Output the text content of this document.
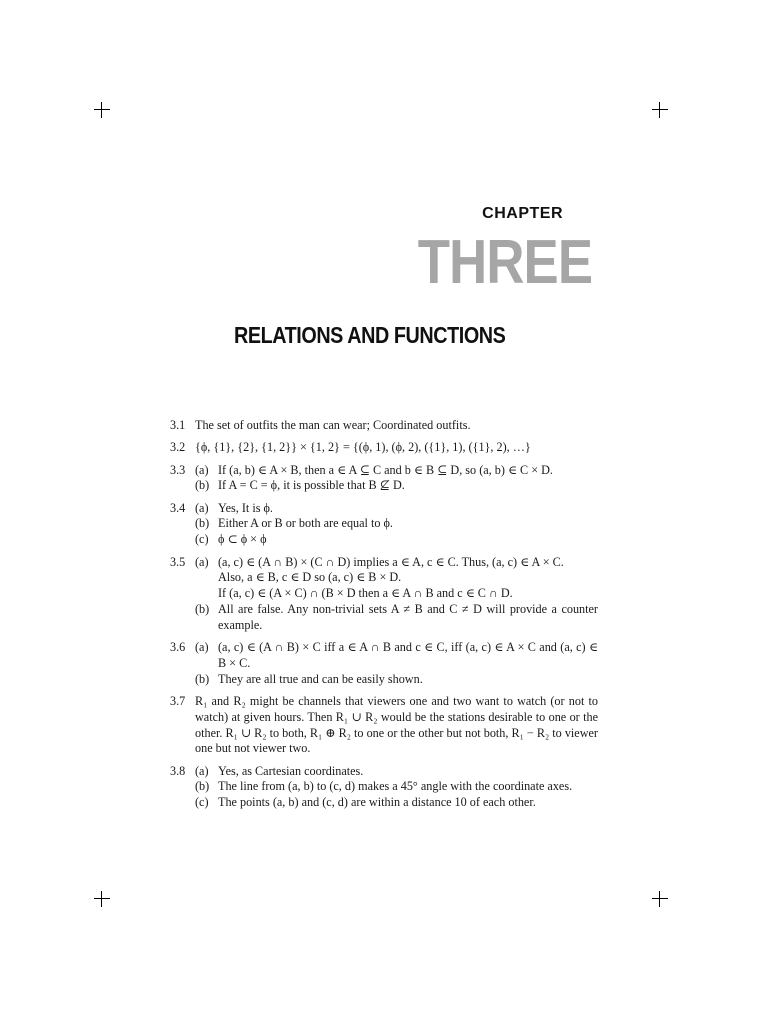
CHAPTER
THREE
RELATIONS AND FUNCTIONS
3.1 The set of outfits the man can wear; Coordinated outfits.
3.2 {ϕ, {1}, {2}, {1, 2}} × {1, 2} = {(ϕ, 1), (ϕ, 2), ({1}, 1), ({1}, 2), …}
3.3 (a) If (a, b) ∈ A × B, then a ∈ A ⊆ C and b ∈ B ⊆ D, so (a, b) ∈ C × D.
(b) If A = C = ϕ, it is possible that B ⊈ D.
3.4 (a) Yes, It is ϕ.
(b) Either A or B or both are equal to ϕ.
(c) ϕ ⊂ ϕ × ϕ
3.5 (a) (a, c) ∈ (A ∩ B) × (C ∩ D) implies a ∈ A, c ∈ C. Thus, (a, c) ∈ A × C.
Also, a ∈ B, c ∈ D so (a, c) ∈ B × D.
If (a, c) ∈ (A × C) ∩ (B × D then a ∈ A ∩ B and c ∈ C ∩ D.
(b) All are false. Any non-trivial sets A ≠ B and C ≠ D will provide a counter example.
3.6 (a) (a, c) ∈ (A ∩ B) × C iff a ∈ A ∩ B and c ∈ C, iff (a, c) ∈ A × C and (a, c) ∈ B × C.
(b) They are all true and can be easily shown.
3.7 R₁ and R₂ might be channels that viewers one and two want to watch (or not to watch) at given hours. Then R₁ ∪ R₂ would be the stations desirable to one or the other. R₁ ∪ R₂ to both, R₁ ⊕ R₂ to one or the other but not both, R₁ − R₂ to viewer one but not viewer two.
3.8 (a) Yes, as Cartesian coordinates.
(b) The line from (a, b) to (c, d) makes a 45° angle with the coordinate axes.
(c) The points (a, b) and (c, d) are within a distance 10 of each other.
